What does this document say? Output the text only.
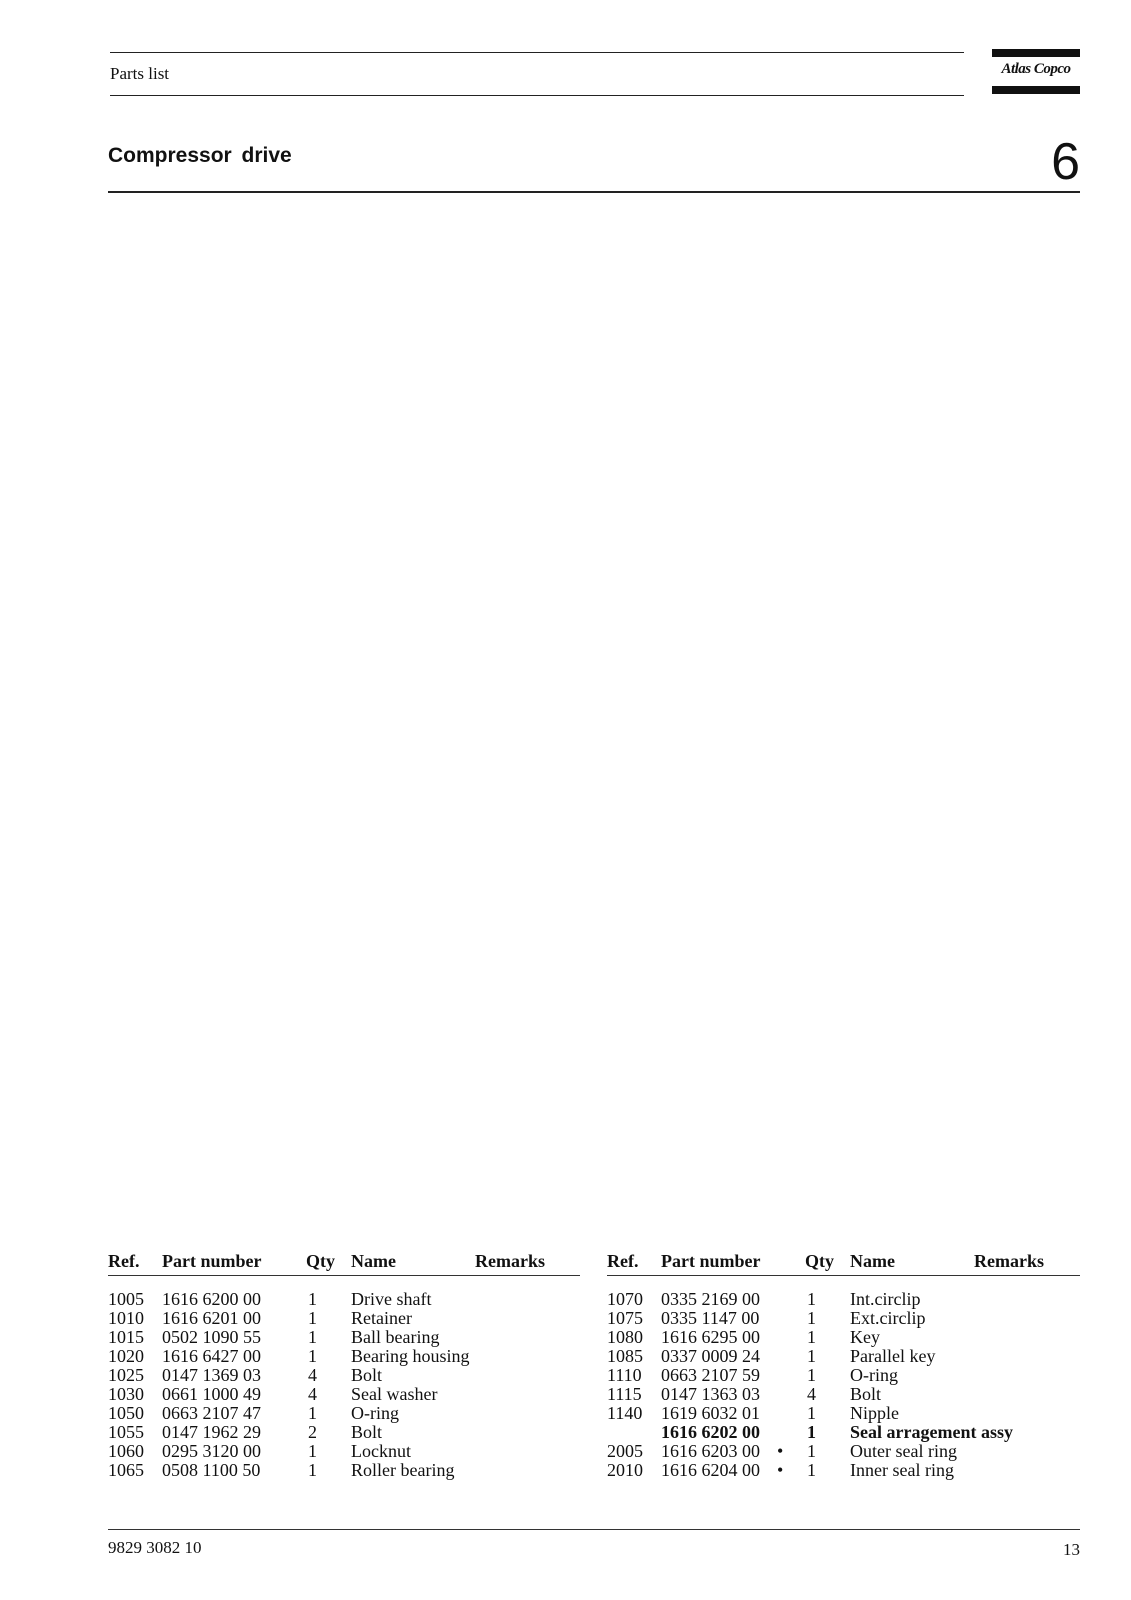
Parts list	Atlas Copco
Compressor drive	6
Ref. Part number Qty Name	Remarks
1005 1616 6200 00	1 Drive shaft
1010 1616 6201 00	1 Retainer
1015 0502 1090 55	1 Ball bearing
1020 1616 6427 00	1 Bearing housing
1025 0147 1369 03	4 Bolt
1030 0661 1000 49	4 Seal washer
1050 0663 2107 47	1 O-ring
1055 0147 1962 29	2 Bolt
1060 0295 3120 00	1 Locknut
1065 0508 1100 50	1 Roller bearing
Ref. Part number Qty Name	Remarks
1070 0335 2169 00	1 Int.circlip
1075 0335 1147 00	1 Ext.circlip
1080 1616 6295 00	1 Key
1085 0337 0009 24	1 Parallel key
1110 0663 2107 59	1 O-ring
1115 0147 1363 03	4 Bolt
1140 1619 6032 01	1 Nipple
1616 6202 00	1 Seal arragement assy
2005 1616 6203 00 • 1 Outer seal ring
2010 1616 6204 00 • 1 Inner seal ring
9829 3082 10	13
